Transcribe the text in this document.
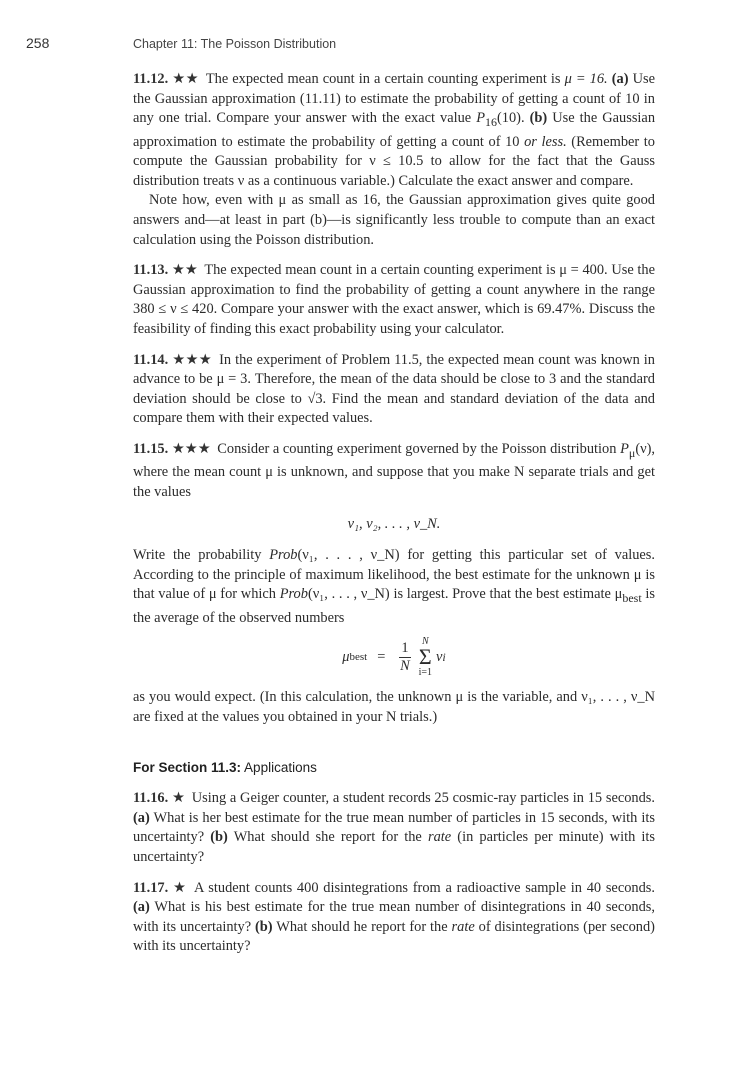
258	Chapter 11: The Poisson Distribution

11.12. ★★ The expected mean count in a certain counting experiment is μ = 16. (a) Use the Gaussian approximation (11.11) to estimate the probability of getting a count of 10 in any one trial. Compare your answer with the exact value $P_{16}(10)$. (b) Use the Gaussian approximation to estimate the probability of getting a count of 10 or less. (Remember to compute the Gaussian probability for ν ≤ 10.5 to allow for the fact that the Gauss distribution treats ν as a continuous variable.) Calculate the exact answer and compare.

Note how, even with μ as small as 16, the Gaussian approximation gives quite good answers and—at least in part (b)—is significantly less trouble to compute than an exact calculation using the Poisson distribution.

11.13. ★★ The expected mean count in a certain counting experiment is μ = 400. Use the Gaussian approximation to find the probability of getting a count anywhere in the range 380 ≤ ν ≤ 420. Compare your answer with the exact answer, which is 69.47%. Discuss the feasibility of finding this exact probability using your calculator.

11.14. ★★★ In the experiment of Problem 11.5, the expected mean count was known in advance to be μ = 3. Therefore, the mean of the data should be close to 3 and the standard deviation should be close to √3. Find the mean and standard deviation of the data and compare them with their expected values.

11.15. ★★★ Consider a counting experiment governed by the Poisson distribution $P_\mu(\nu)$, where the mean count μ is unknown, and suppose that you make N separate trials and get the values

ν₁, ν₂, . . . , ν_N.

Write the probability Prob(ν₁, . . . , ν_N) for getting this particular set of values. According to the principle of maximum likelihood, the best estimate for the unknown μ is that value of μ for which Prob(ν₁, . . . , ν_N) is largest. Prove that the best estimate $\mu_{best}$ is the average of the observed numbers

μ best = $\frac{1}{N}$ N
Σ
i=1
ν i

as you would expect. (In this calculation, the unknown μ is the variable, and ν₁, . . . , ν_N are fixed at the values you obtained in your N trials.)

For Section 11.3: Applications

11.16. ★ Using a Geiger counter, a student records 25 cosmic-ray particles in 15 seconds. (a) What is her best estimate for the true mean number of particles in 15 seconds, with its uncertainty? (b) What should she report for the rate (in particles per minute) with its uncertainty?

11.17. ★ A student counts 400 disintegrations from a radioactive sample in 40 seconds. (a) What is his best estimate for the true mean number of disintegrations in 40 seconds, with its uncertainty? (b) What should he report for the rate of disintegrations (per second) with its uncertainty?
